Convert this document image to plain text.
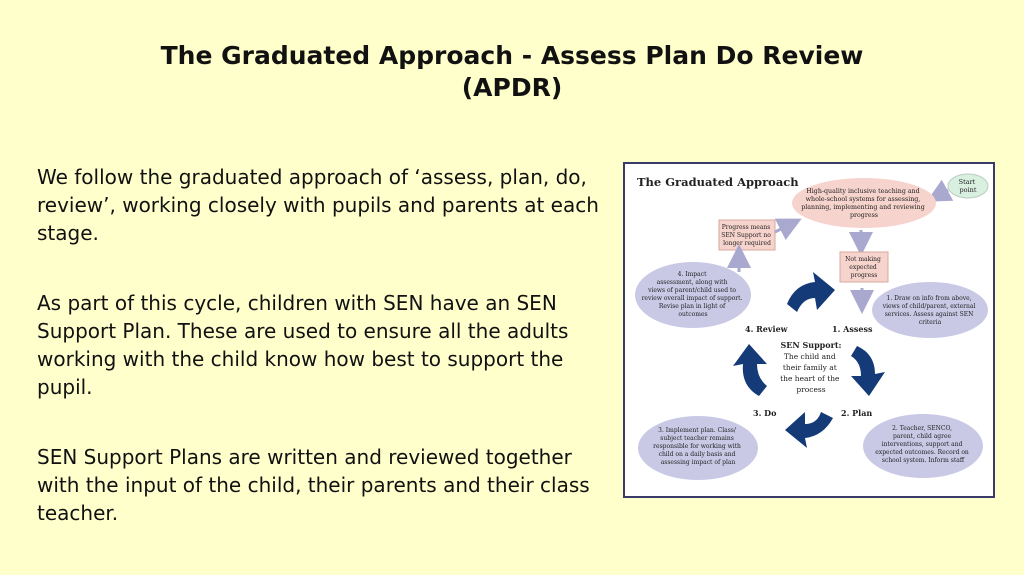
The Graduated Approach - Assess Plan Do Review
(APDR)

We follow the graduated approach of ‘assess, plan, do, review’, working closely with pupils and parents at each stage.

As part of this cycle, children with SEN have an SEN Support Plan. These are used to ensure all the adults working with the child know how best to support the pupil.

SEN Support Plans are written and reviewed together with the input of the child, their parents and their class teacher.

The Graduated Approach	Start point
High-quality inclusive teaching and whole-school systems for assessing, planning, implementing and reviewing progress
Progress means SEN Support no longer required
Not making expected progress
1. Draw on info from above, views of child/parent, external services. Assess against SEN criteria
4. Impact assessment, along with views of parent/child used to review overall impact of support. Revise plan in light of outcomes
2. Teacher, SENCO, parent, child agree interventions, support and expected outcomes. Record on school system. Inform staff
3. Implement plan. Class/ subject teacher remains responsible for working with child on a daily basis and assessing impact of plan
4. Review	1. Assess
3. Do	2. Plan
SEN Support:
The child and their family at the heart of the process
